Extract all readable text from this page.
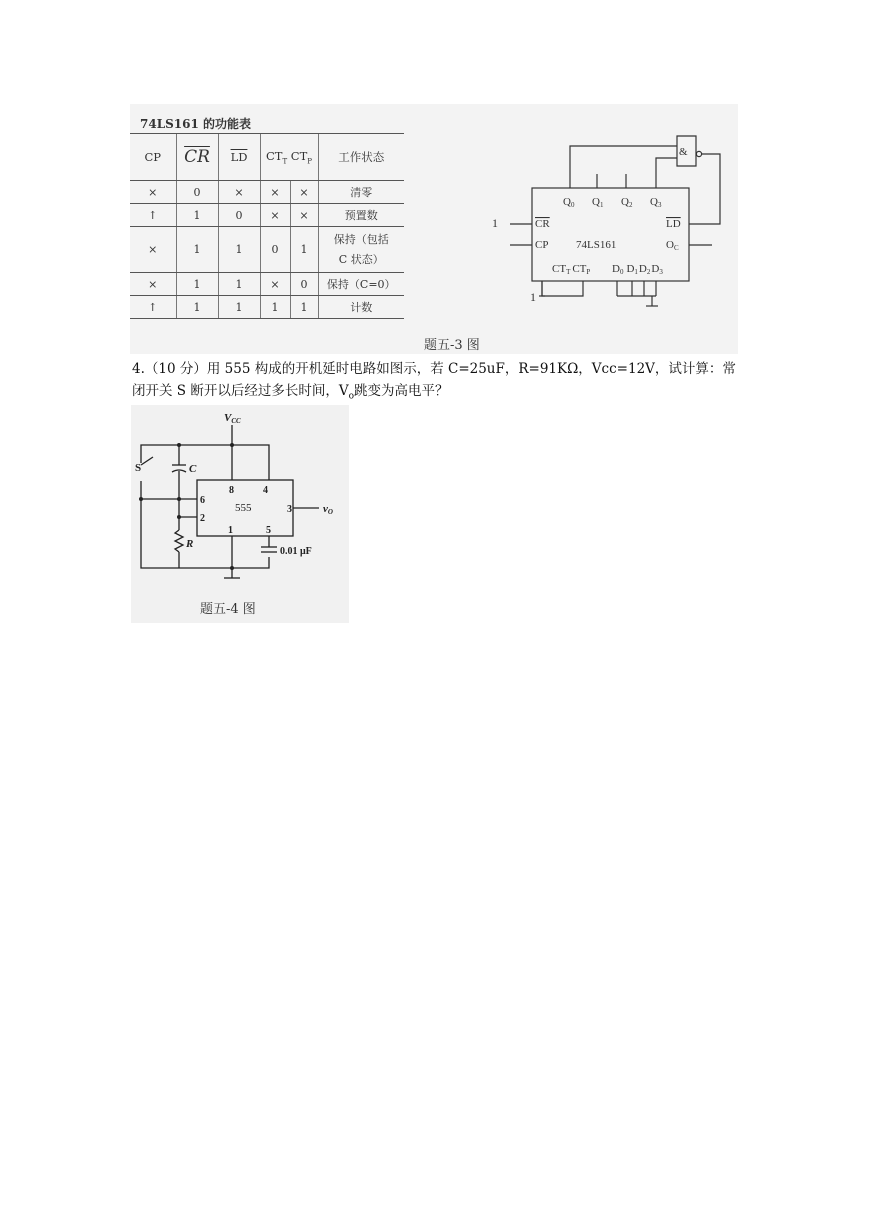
74LS161 的功能表
CP	$\overline{CR}$	$\overline{LD}$	$CT_T$ $CT_P$		工作状态
×	0	×	×	×	清零
↑	1	0	×	×	预置数
×	1	1	0	1	保持（包括
C 状态）
×	1	1	×	0	保持（C=0）
↑	1	1	1	1	计数
&
Q0 Q1 Q2 Q3
LD
CR
CP	74LS161	OC
CTT CTP D0 D1D2D3
1
1
题五-3 图
4.（10 分）用 555 构成的开机延时电路如图示，若 C=25uF，R=91KΩ，Vcc=12V，试计算：常闭开关 S 断开以后经过多长时间，$V_o$跳变为高电平？
VCC
S	C
R
555
8	4
6
2
1	5
3	vO
0.01 μF
题五-4 图
